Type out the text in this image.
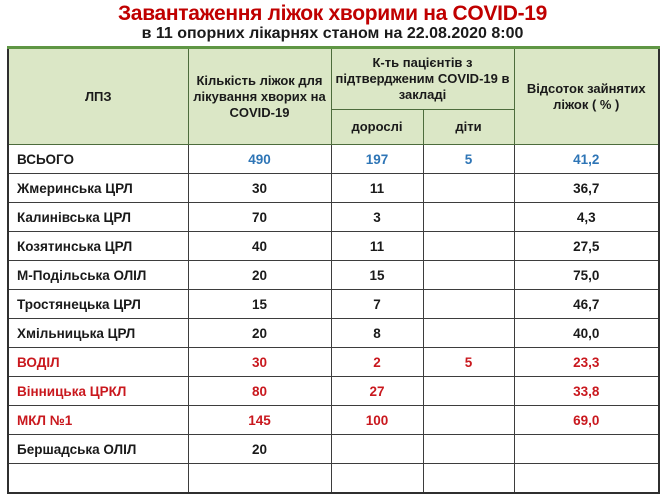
Завантаження ліжок хворими на COVID-19
в 11 опорних лікарнях станом на 22.08.2020 8:00
ЛПЗ	Кількість ліжок для лікування хворих на COVID-19	К-ть пацієнтів з підтвердженим COVID-19 в закладі		Відсоток зайнятих ліжок ( % )
		дорослі	діти	
ВСЬОГО	490	197	5	41,2
Жмеринська ЦРЛ	30	11		36,7
Калинівська ЦРЛ	70	3		4,3
Козятинська ЦРЛ	40	11		27,5
М-Подільська ОЛІЛ	20	15		75,0
Тростянецька ЦРЛ	15	7		46,7
Хмільницька ЦРЛ	20	8		40,0
ВОДІЛ	30	2	5	23,3
Вінницька ЦРКЛ	80	27		33,8
МКЛ №1	145	100		69,0
Бершадська ОЛІЛ	20			
